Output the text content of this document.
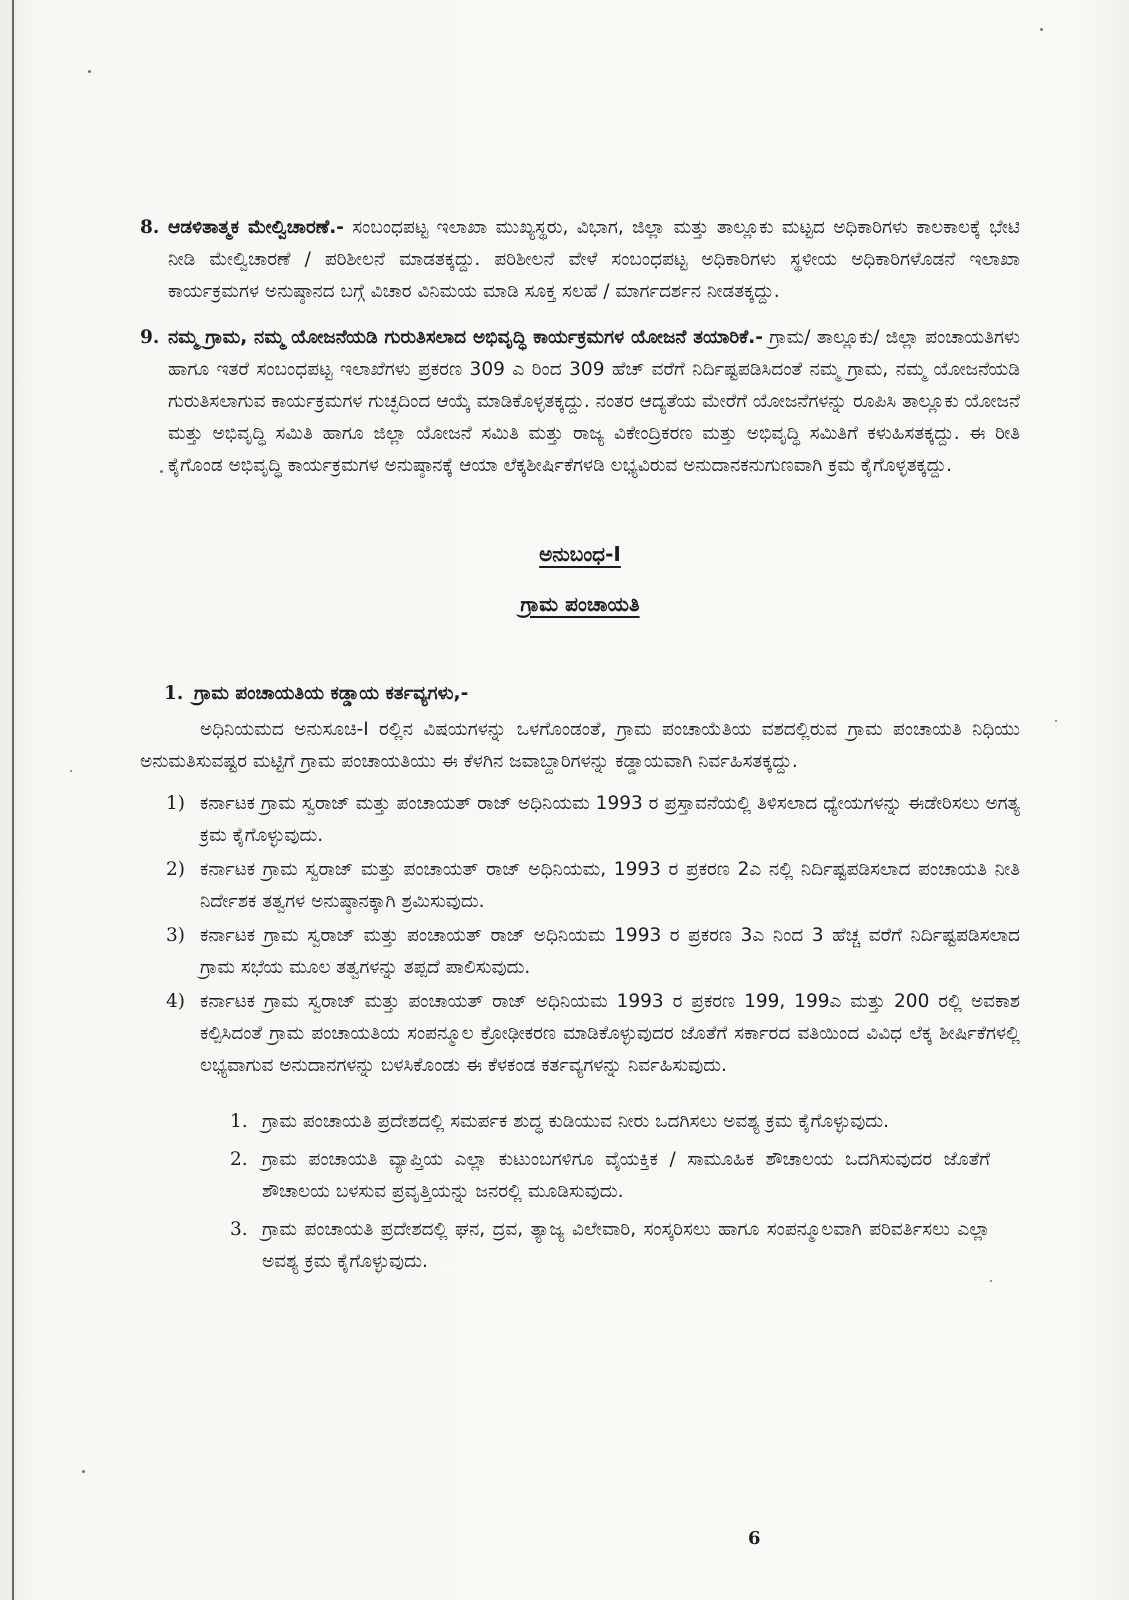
8. ಆಡಳಿತಾತ್ಮಕ ಮೇಲ್ವಿಚಾರಣೆ.- ಸಂಬಂಧಪಟ್ಟ ಇಲಾಖಾ ಮುಖ್ಯಸ್ಥರು, ವಿಭಾಗ, ಜಿಲ್ಲಾ ಮತ್ತು ತಾಲ್ಲೂಕು ಮಟ್ಟದ ಅಧಿಕಾರಿಗಳು ಕಾಲಕಾಲಕ್ಕೆ ಭೇಟಿ ನೀಡಿ ಮೇಲ್ವಿಚಾರಣೆ / ಪರಿಶೀಲನೆ ಮಾಡತಕ್ಕದ್ದು. ಪರಿಶೀಲನೆ ವೇಳೆ ಸಂಬಂಧಪಟ್ಟ ಅಧಿಕಾರಿಗಳು ಸ್ಥಳೀಯ ಅಧಿಕಾರಿಗಳೊಡನೆ ಇಲಾಖಾ ಕಾರ್ಯಕ್ರಮಗಳ ಅನುಷ್ಠಾನದ ಬಗ್ಗೆ ವಿಚಾರ ವಿನಿಮಯ ಮಾಡಿ ಸೂಕ್ತ ಸಲಹೆ / ಮಾರ್ಗದರ್ಶನ ನೀಡತಕ್ಕದ್ದು.
9. ನಮ್ಮ ಗ್ರಾಮ, ನಮ್ಮ ಯೋಜನೆಯಡಿ ಗುರುತಿಸಲಾದ ಅಭಿವೃದ್ಧಿ ಕಾರ್ಯಕ್ರಮಗಳ ಯೋಜನೆ ತಯಾರಿಕೆ.- ಗ್ರಾಮ/ ತಾಲ್ಲೂಕು/ ಜಿಲ್ಲಾ ಪಂಚಾಯತಿಗಳು ಹಾಗೂ ಇತರೆ ಸಂಬಂಧಪಟ್ಟ ಇಲಾಖೆಗಳು ಪ್ರಕರಣ 309 ಎ ರಿಂದ 309 ಹೆಚ್ ವರೆಗೆ ನಿರ್ದಿಷ್ಟಪಡಿಸಿದಂತೆ ನಮ್ಮ ಗ್ರಾಮ, ನಮ್ಮ ಯೋಜನೆಯಡಿ ಗುರುತಿಸಲಾಗುವ ಕಾರ್ಯಕ್ರಮಗಳ ಗುಚ್ಛದಿಂದ ಆಯ್ಕೆ ಮಾಡಿಕೊಳ್ಳತಕ್ಕದ್ದು. ನಂತರ ಆದ್ಯತೆಯ ಮೇರೆಗೆ ಯೋಜನೆಗಳನ್ನು ರೂಪಿಸಿ ತಾಲ್ಲೂಕು ಯೋಜನೆ ಮತ್ತು ಅಭಿವೃದ್ಧಿ ಸಮಿತಿ ಹಾಗೂ ಜಿಲ್ಲಾ ಯೋಜನೆ ಸಮಿತಿ ಮತ್ತು ರಾಜ್ಯ ವಿಕೇಂದ್ರಿಕರಣ ಮತ್ತು ಅಭಿವೃದ್ಧಿ ಸಮಿತಿಗೆ ಕಳುಹಿಸತಕ್ಕದ್ದು. ಈ ರೀತಿ ಕೈಗೊಂಡ ಅಭಿವೃದ್ಧಿ ಕಾರ್ಯಕ್ರಮಗಳ ಅನುಷ್ಠಾನಕ್ಕೆ ಆಯಾ ಲೆಕ್ಕಶೀರ್ಷಿಕೆಗಳಡಿ ಲಭ್ಯವಿರುವ ಅನುದಾನಕನುಗುಣವಾಗಿ ಕ್ರಮ ಕೈಗೊಳ್ಳತಕ್ಕದ್ದು.

ಅನುಬಂಧ-I

ಗ್ರಾಮ ಪಂಚಾಯತಿ

1. ಗ್ರಾಮ ಪಂಚಾಯತಿಯ ಕಡ್ಡಾಯ ಕರ್ತವ್ಯಗಳು,-
ಅಧಿನಿಯಮದ ಅನುಸೂಚಿ-I ರಲ್ಲಿನ ವಿಷಯಗಳನ್ನು ಒಳಗೊಂಡಂತೆ, ಗ್ರಾಮ ಪಂಚಾಯೆತಿಯ ವಶದಲ್ಲಿರುವ ಗ್ರಾಮ ಪಂಚಾಯತಿ ನಿಧಿಯು ಅನುಮತಿಸುವಷ್ಟರ ಮಟ್ಟಿಗೆ ಗ್ರಾಮ ಪಂಚಾಯತಿಯು ಈ ಕೆಳಗಿನ ಜವಾಬ್ದಾರಿಗಳನ್ನು ಕಡ್ಡಾಯವಾಗಿ ನಿರ್ವಹಿಸತಕ್ಕದ್ದು.
1) ಕರ್ನಾಟಕ ಗ್ರಾಮ ಸ್ವರಾಜ್ ಮತ್ತು ಪಂಚಾಯತ್ ರಾಜ್ ಅಧಿನಿಯಮ 1993 ರ ಪ್ರಸ್ತಾವನೆಯಲ್ಲಿ ತಿಳಿಸಲಾದ ಧ್ಯೇಯಗಳನ್ನು ಈಡೇರಿಸಲು ಅಗತ್ಯ ಕ್ರಮ ಕೈಗೊಳ್ಳುವುದು.
2) ಕರ್ನಾಟಕ ಗ್ರಾಮ ಸ್ವರಾಜ್ ಮತ್ತು ಪಂಚಾಯತ್ ರಾಜ್ ಅಧಿನಿಯಮ, 1993 ರ ಪ್ರಕರಣ 2ಎ ನಲ್ಲಿ ನಿರ್ದಿಷ್ಟಪಡಿಸಲಾದ ಪಂಚಾಯತಿ ನೀತಿ ನಿರ್ದೇಶಕ ತತ್ವಗಳ ಅನುಷ್ಠಾನಕ್ಕಾಗಿ ಶ್ರಮಿಸುವುದು.
3) ಕರ್ನಾಟಕ ಗ್ರಾಮ ಸ್ವರಾಜ್ ಮತ್ತು ಪಂಚಾಯತ್ ರಾಜ್ ಅಧಿನಿಯಮ 1993 ರ ಪ್ರಕರಣ 3ಎ ನಿಂದ 3 ಹೆಚ್ಚ ವರೆಗೆ ನಿರ್ದಿಷ್ಟಪಡಿಸಲಾದ ಗ್ರಾಮ ಸಭೆಯ ಮೂಲ ತತ್ವಗಳನ್ನು ತಪ್ಪದೆ ಪಾಲಿಸುವುದು.
4) ಕರ್ನಾಟಕ ಗ್ರಾಮ ಸ್ವರಾಜ್ ಮತ್ತು ಪಂಚಾಯತ್ ರಾಜ್ ಅಧಿನಿಯಮ 1993 ರ ಪ್ರಕರಣ 199, 199ಎ ಮತ್ತು 200 ರಲ್ಲಿ ಅವಕಾಶ ಕಲ್ಪಿಸಿದಂತೆ ಗ್ರಾಮ ಪಂಚಾಯತಿಯ ಸಂಪನ್ಮೂಲ ಕ್ರೋಢೀಕರಣ ಮಾಡಿಕೊಳ್ಳುವುದರ ಜೊತೆಗೆ ಸರ್ಕಾರದ ವತಿಯಿಂದ ವಿವಿಧ ಲೆಕ್ಕ ಶೀರ್ಷಿಕೆಗಳಲ್ಲಿ ಲಭ್ಯವಾಗುವ ಅನುದಾನಗಳನ್ನು ಬಳಸಿಕೊಂಡು ಈ ಕೆಳಕಂಡ ಕರ್ತವ್ಯಗಳನ್ನು ನಿರ್ವಹಿಸುವುದು.
1. ಗ್ರಾಮ ಪಂಚಾಯತಿ ಪ್ರದೇಶದಲ್ಲಿ ಸಮರ್ಪಕ ಶುದ್ಧ ಕುಡಿಯುವ ನೀರು ಒದಗಿಸಲು ಅವಶ್ಯ ಕ್ರಮ ಕೈಗೊಳ್ಳುವುದು.
2. ಗ್ರಾಮ ಪಂಚಾಯತಿ ವ್ಯಾಪ್ತಿಯ ಎಲ್ಲಾ ಕುಟುಂಬಗಳಿಗೂ ವೈಯಕ್ತಿಕ / ಸಾಮೂಹಿಕ ಶೌಚಾಲಯ ಒದಗಿಸುವುದರ ಜೊತೆಗೆ ಶೌಚಾಲಯ ಬಳಸುವ ಪ್ರವೃತ್ತಿಯನ್ನು ಜನರಲ್ಲಿ ಮೂಡಿಸುವುದು.
3. ಗ್ರಾಮ ಪಂಚಾಯತಿ ಪ್ರದೇಶದಲ್ಲಿ ಘನ, ದ್ರವ, ತ್ಯಾಜ್ಯ ವಿಲೇವಾರಿ, ಸಂಸ್ಕರಿಸಲು ಹಾಗೂ ಸಂಪನ್ಮೂಲವಾಗಿ ಪರಿವರ್ತಿಸಲು ಎಲ್ಲಾ ಅವಶ್ಯ ಕ್ರಮ ಕೈಗೊಳ್ಳುವುದು.
6
